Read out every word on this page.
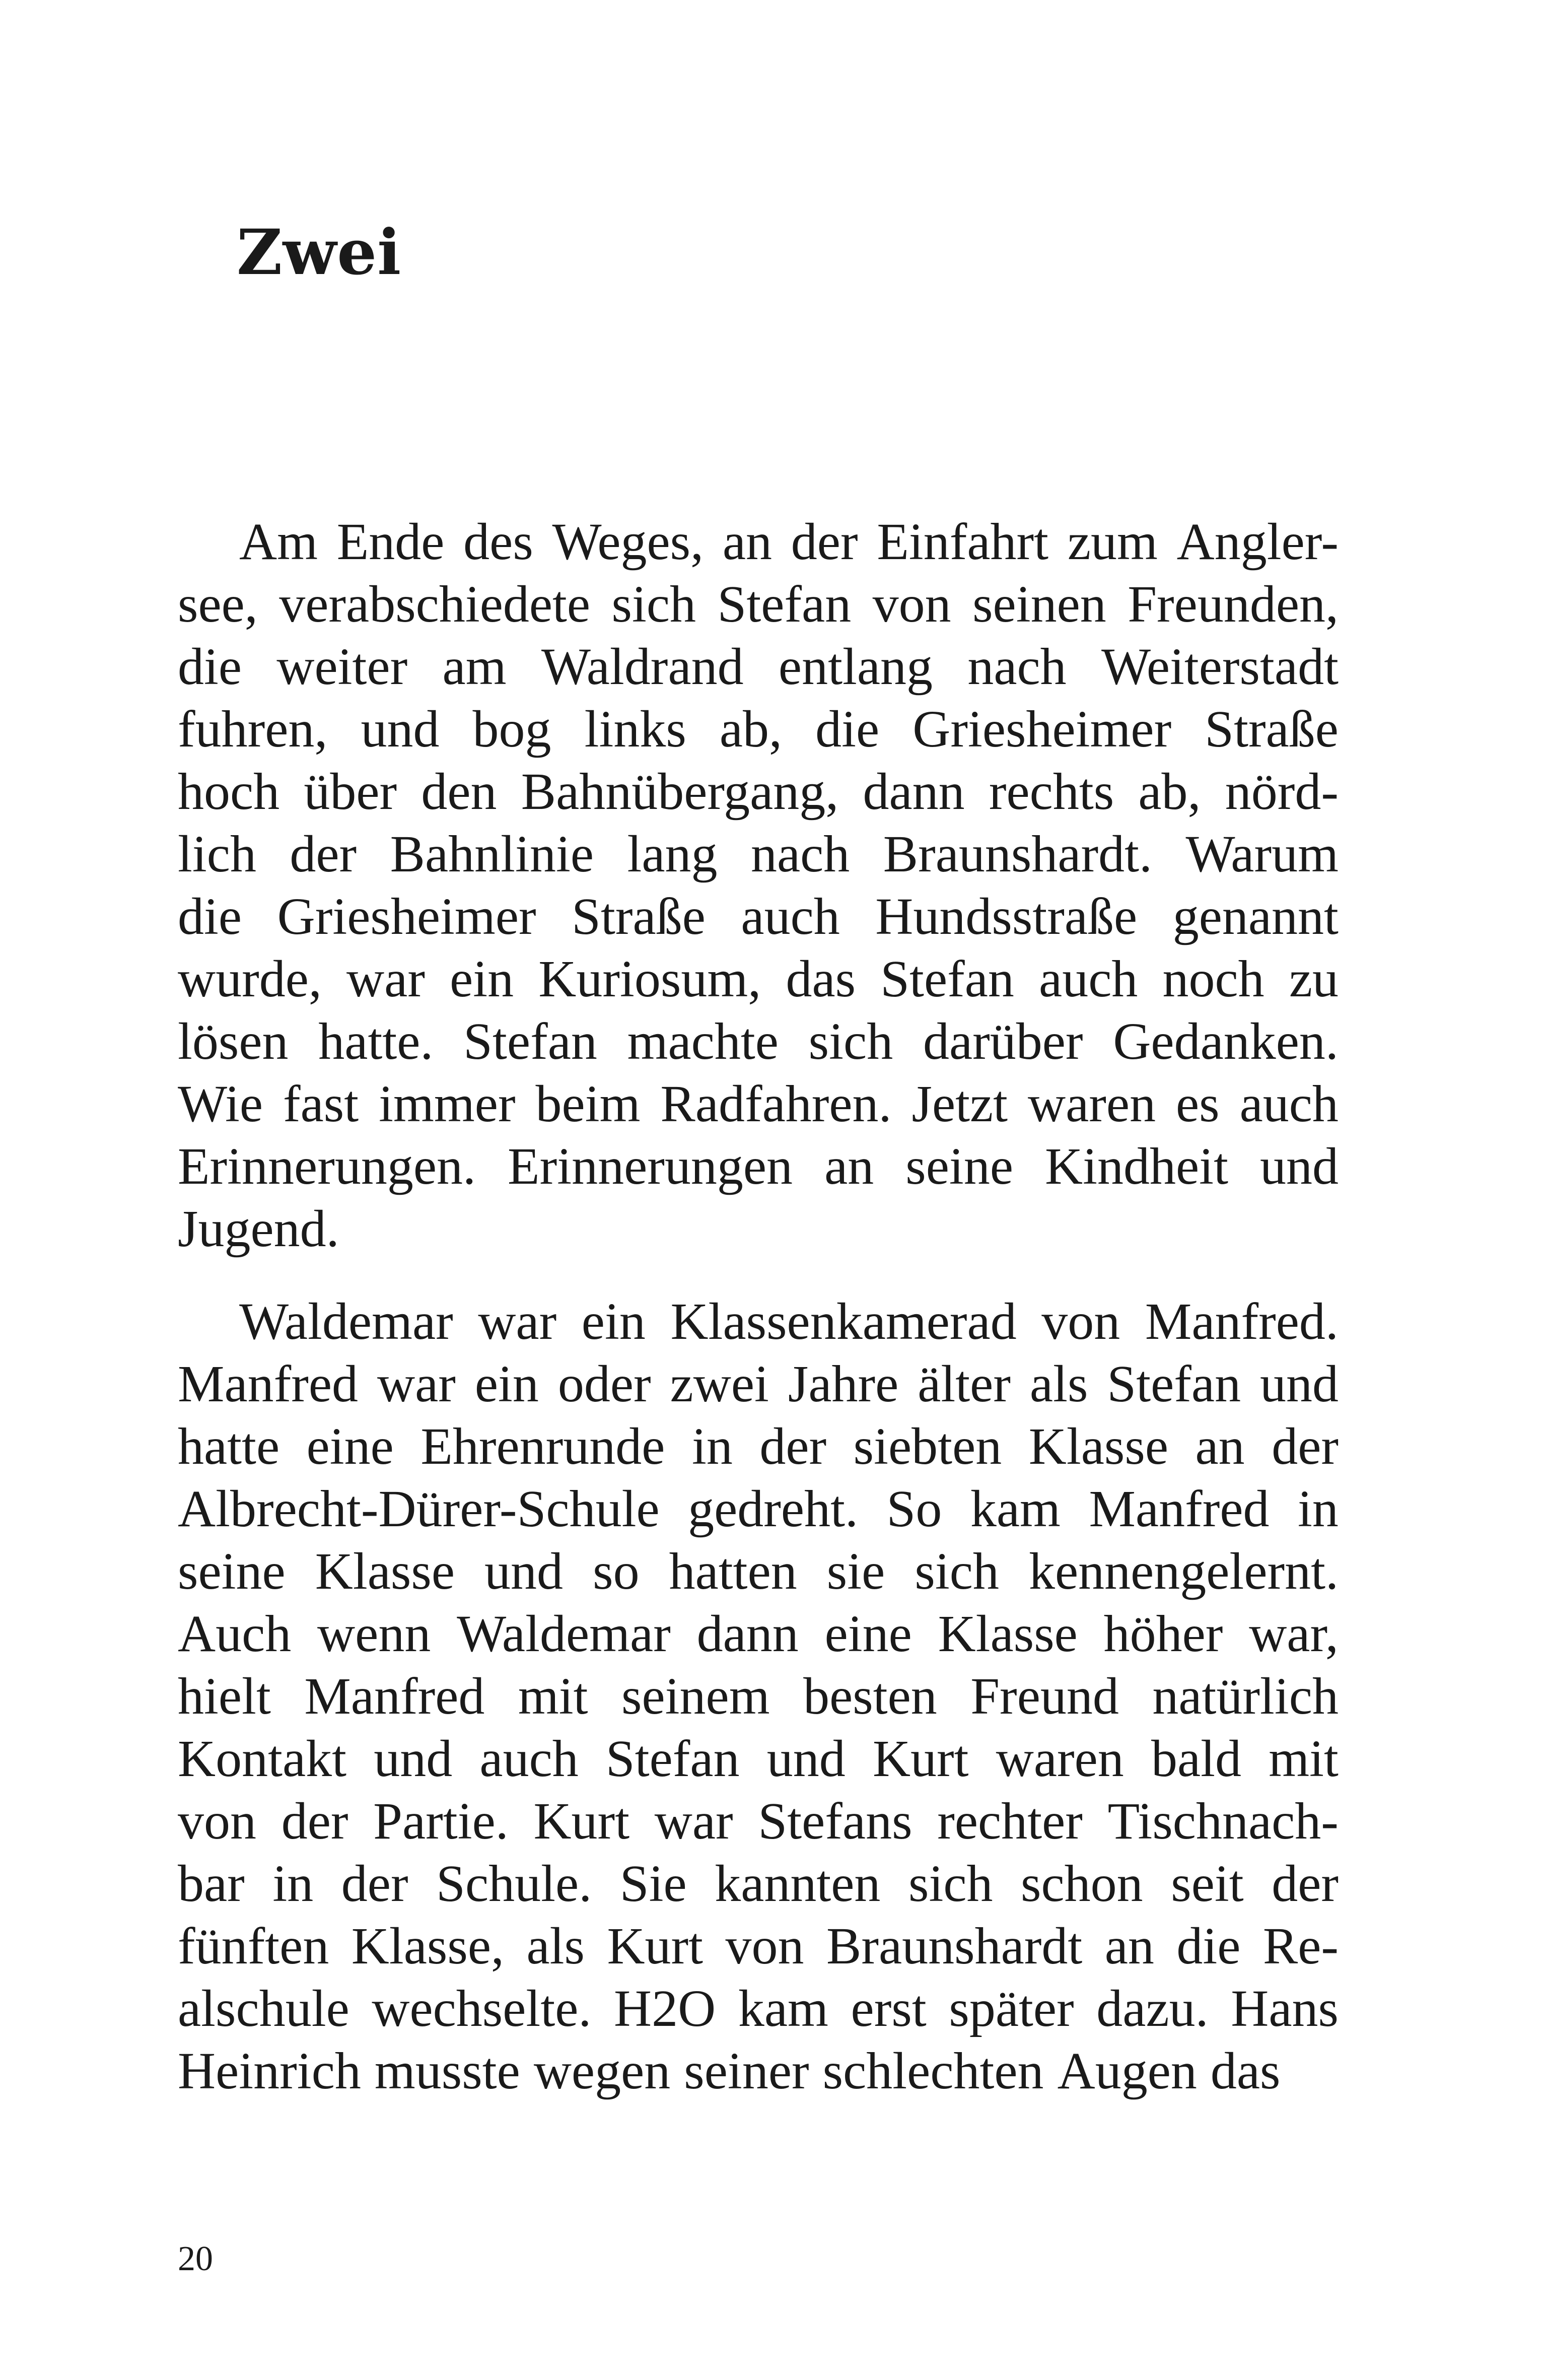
Zwei
Am Ende des Weges, an der Einfahrt zum Angler-
see, verabschiedete sich Stefan von seinen Freunden,
die weiter am Waldrand entlang nach Weiterstadt
fuhren, und bog links ab, die Griesheimer Straße
hoch über den Bahnübergang, dann rechts ab, nörd-
lich der Bahnlinie lang nach Braunshardt. Warum
die Griesheimer Straße auch Hundsstraße genannt
wurde, war ein Kuriosum, das Stefan auch noch zu
lösen hatte. Stefan machte sich darüber Gedanken.
Wie fast immer beim Radfahren. Jetzt waren es auch
Erinnerungen. Erinnerungen an seine Kindheit und
Jugend.
Waldemar war ein Klassenkamerad von Manfred.
Manfred war ein oder zwei Jahre älter als Stefan und
hatte eine Ehrenrunde in der siebten Klasse an der
Albrecht-Dürer-Schule gedreht. So kam Manfred in
seine Klasse und so hatten sie sich kennengelernt.
Auch wenn Waldemar dann eine Klasse höher war,
hielt Manfred mit seinem besten Freund natürlich
Kontakt und auch Stefan und Kurt waren bald mit
von der Partie. Kurt war Stefans rechter Tischnach-
bar in der Schule. Sie kannten sich schon seit der
fünften Klasse, als Kurt von Braunshardt an die Re-
alschule wechselte. H2O kam erst später dazu. Hans
Heinrich musste wegen seiner schlechten Augen das
20
